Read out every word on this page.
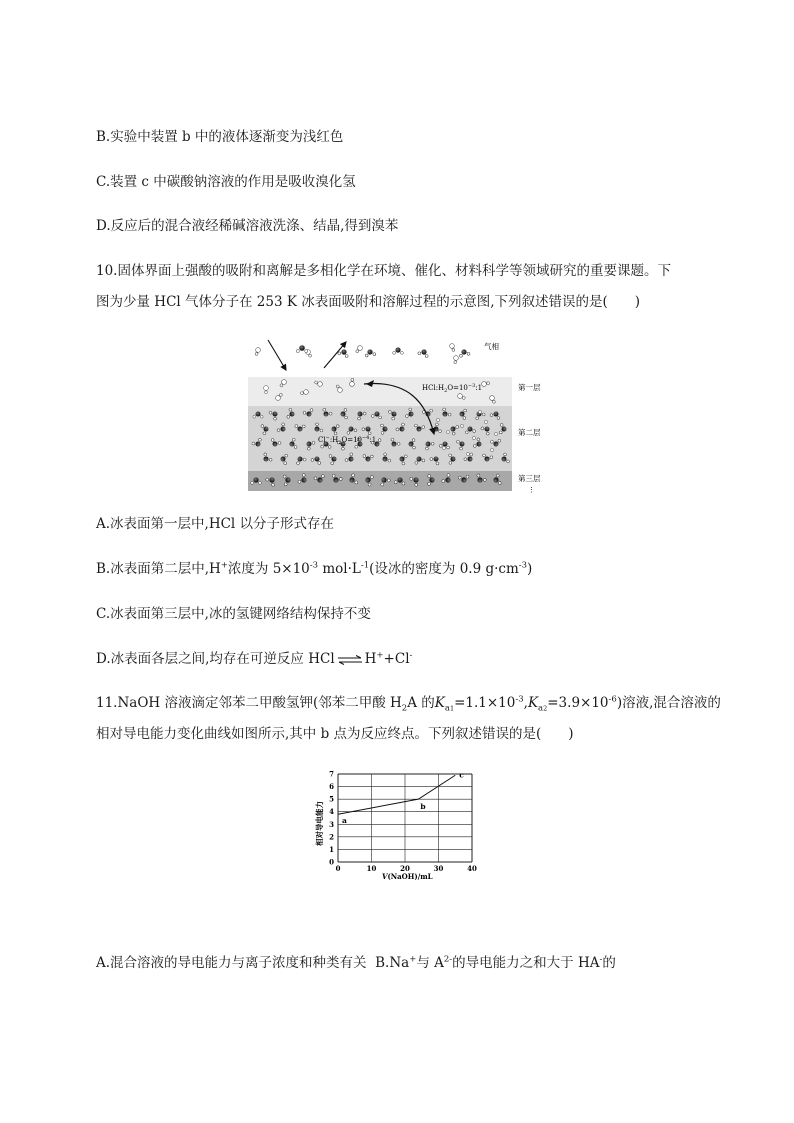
B.实验中装置 b 中的液体逐渐变为浅红色
C.装置 c 中碳酸钠溶液的作用是吸收溴化氢
D.反应后的混合液经稀碱溶液洗涤、结晶,得到溴苯
10.固体界面上强酸的吸附和离解是多相化学在环境、催化、材料科学等领域研究的重要课题。下
图为少量 HCl 气体分子在 253 K 冰表面吸附和溶解过程的示意图,下列叙述错误的是(　　)
气相
$HCl:H_2O=10^{-3}:1$
$Cl^-:H_2O=10^{-4}:1$
第一层
第二层
第三层
⋮
A.冰表面第一层中,HCl 以分子形式存在
B.冰表面第二层中,H+浓度为 $5\times 10^{-3}$ $mol\cdot L^{-1}$(设冰的密度为 0.9 $g\cdot cm^{-3}$)
C.冰表面第三层中,冰的氢键网络结构保持不变
D.冰表面各层之间,均存在可逆反应 HCl ⇌ H++Cl-
11.NaOH 溶液滴定邻苯二甲酸氢钾(邻苯二甲酸 $H_2A$ 的$K_{a1}=1.1\times 10^{-3},K_{a2}=3.9\times 10^{-6}$)溶液,混合溶液的
相对导电能力变化曲线如图所示,其中 b 点为反应终点。下列叙述错误的是(　　)
0	10	20	30	40
0
1
2
3
4
5
6
7
a
b
c
相对导电能力
V(NaOH)/mL
A.混合溶液的导电能力与离子浓度和种类有关 B.Na+与 $A^{2-}$的导电能力之和大于 HA-的
